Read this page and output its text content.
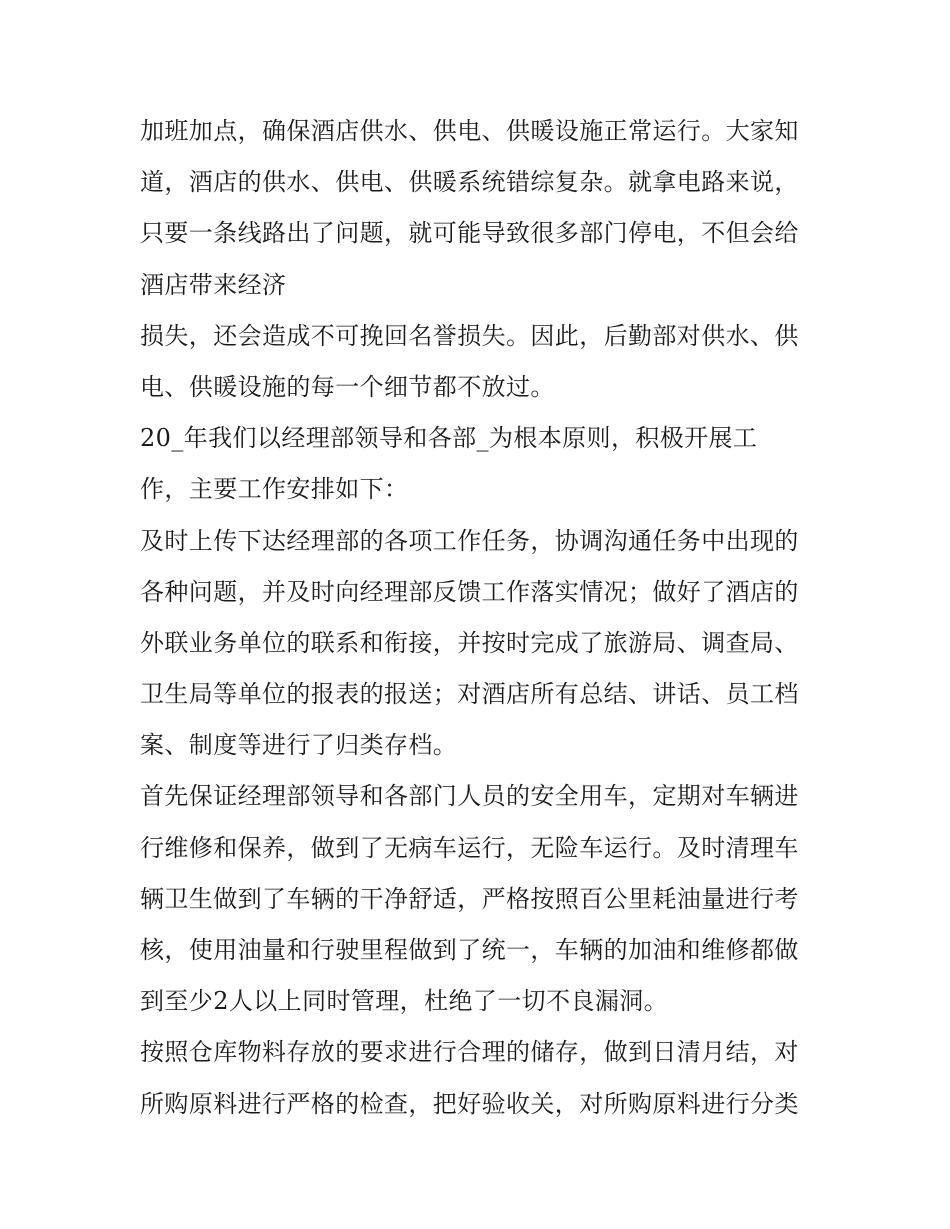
加班加点，确保酒店供水、供电、供暖设施正常运行。大家知
道，酒店的供水、供电、供暖系统错综复杂。就拿电路来说，
只要一条线路出了问题，就可能导致很多部门停电，不但会给
酒店带来经济
损失，还会造成不可挽回名誉损失。因此，后勤部对供水、供
电、供暖设施的每一个细节都不放过。
20_年我们以经理部领导和各部_为根本原则，积极开展工
作，主要工作安排如下：
及时上传下达经理部的各项工作任务，协调沟通任务中出现的
各种问题，并及时向经理部反馈工作落实情况；做好了酒店的
外联业务单位的联系和衔接，并按时完成了旅游局、调查局、
卫生局等单位的报表的报送；对酒店所有总结、讲话、员工档
案、制度等进行了归类存档。
首先保证经理部领导和各部门人员的安全用车，定期对车辆进
行维修和保养，做到了无病车运行，无险车运行。及时清理车
辆卫生做到了车辆的干净舒适，严格按照百公里耗油量进行考
核，使用油量和行驶里程做到了统一，车辆的加油和维修都做
到至少2人以上同时管理，杜绝了一切不良漏洞。
按照仓库物料存放的要求进行合理的储存，做到日清月结，对
所购原料进行严格的检查，把好验收关，对所购原料进行分类
